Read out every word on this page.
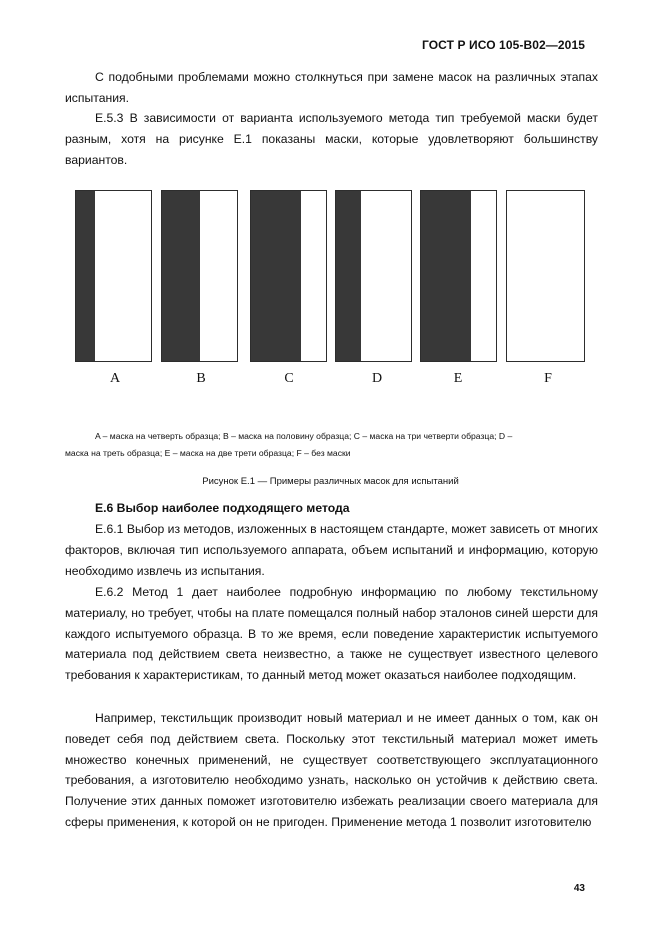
ГОСТ Р ИСО 105-В02—2015
С подобными проблемами можно столкнуться при замене масок на различных этапах испытания.
Е.5.3 В зависимости от варианта используемого метода тип требуемой маски будет разным, хотя на рисунке Е.1 показаны маски, которые удовлетворяют большинству вариантов.
A	B	C	D	E	F
A – маска на четверть образца; B – маска на половину образца; C – маска на три четверти образца; D –
маска на треть образца; E – маска на две трети образца; F – без маски
Рисунок Е.1 — Примеры различных масок для испытаний
Е.6 Выбор наиболее подходящего метода
Е.6.1 Выбор из методов, изложенных в настоящем стандарте, может зависеть от многих факторов, включая тип используемого аппарата, объем испытаний и информацию, которую необходимо извлечь из испытания.
Е.6.2 Метод 1 дает наиболее подробную информацию по любому текстильному материалу, но требует, чтобы на плате помещался полный набор эталонов синей шерсти для каждого испытуемого образца. В то же время, если поведение характеристик испытуемого материала под действием света неизвестно, а также не существует известного целевого требования к характеристикам, то данный метод может оказаться наиболее подходящим.
Например, текстильщик производит новый материал и не имеет данных о том, как он поведет себя под действием света. Поскольку этот текстильный материал может иметь множество конечных применений, не существует соответствующего эксплуатационного требования, а изготовителю необходимо узнать, насколько он устойчив к действию света. Получение этих данных поможет изготовителю избежать реализации своего материала для сферы применения, к которой он не пригоден. Применение метода 1 позволит изготовителю
43
